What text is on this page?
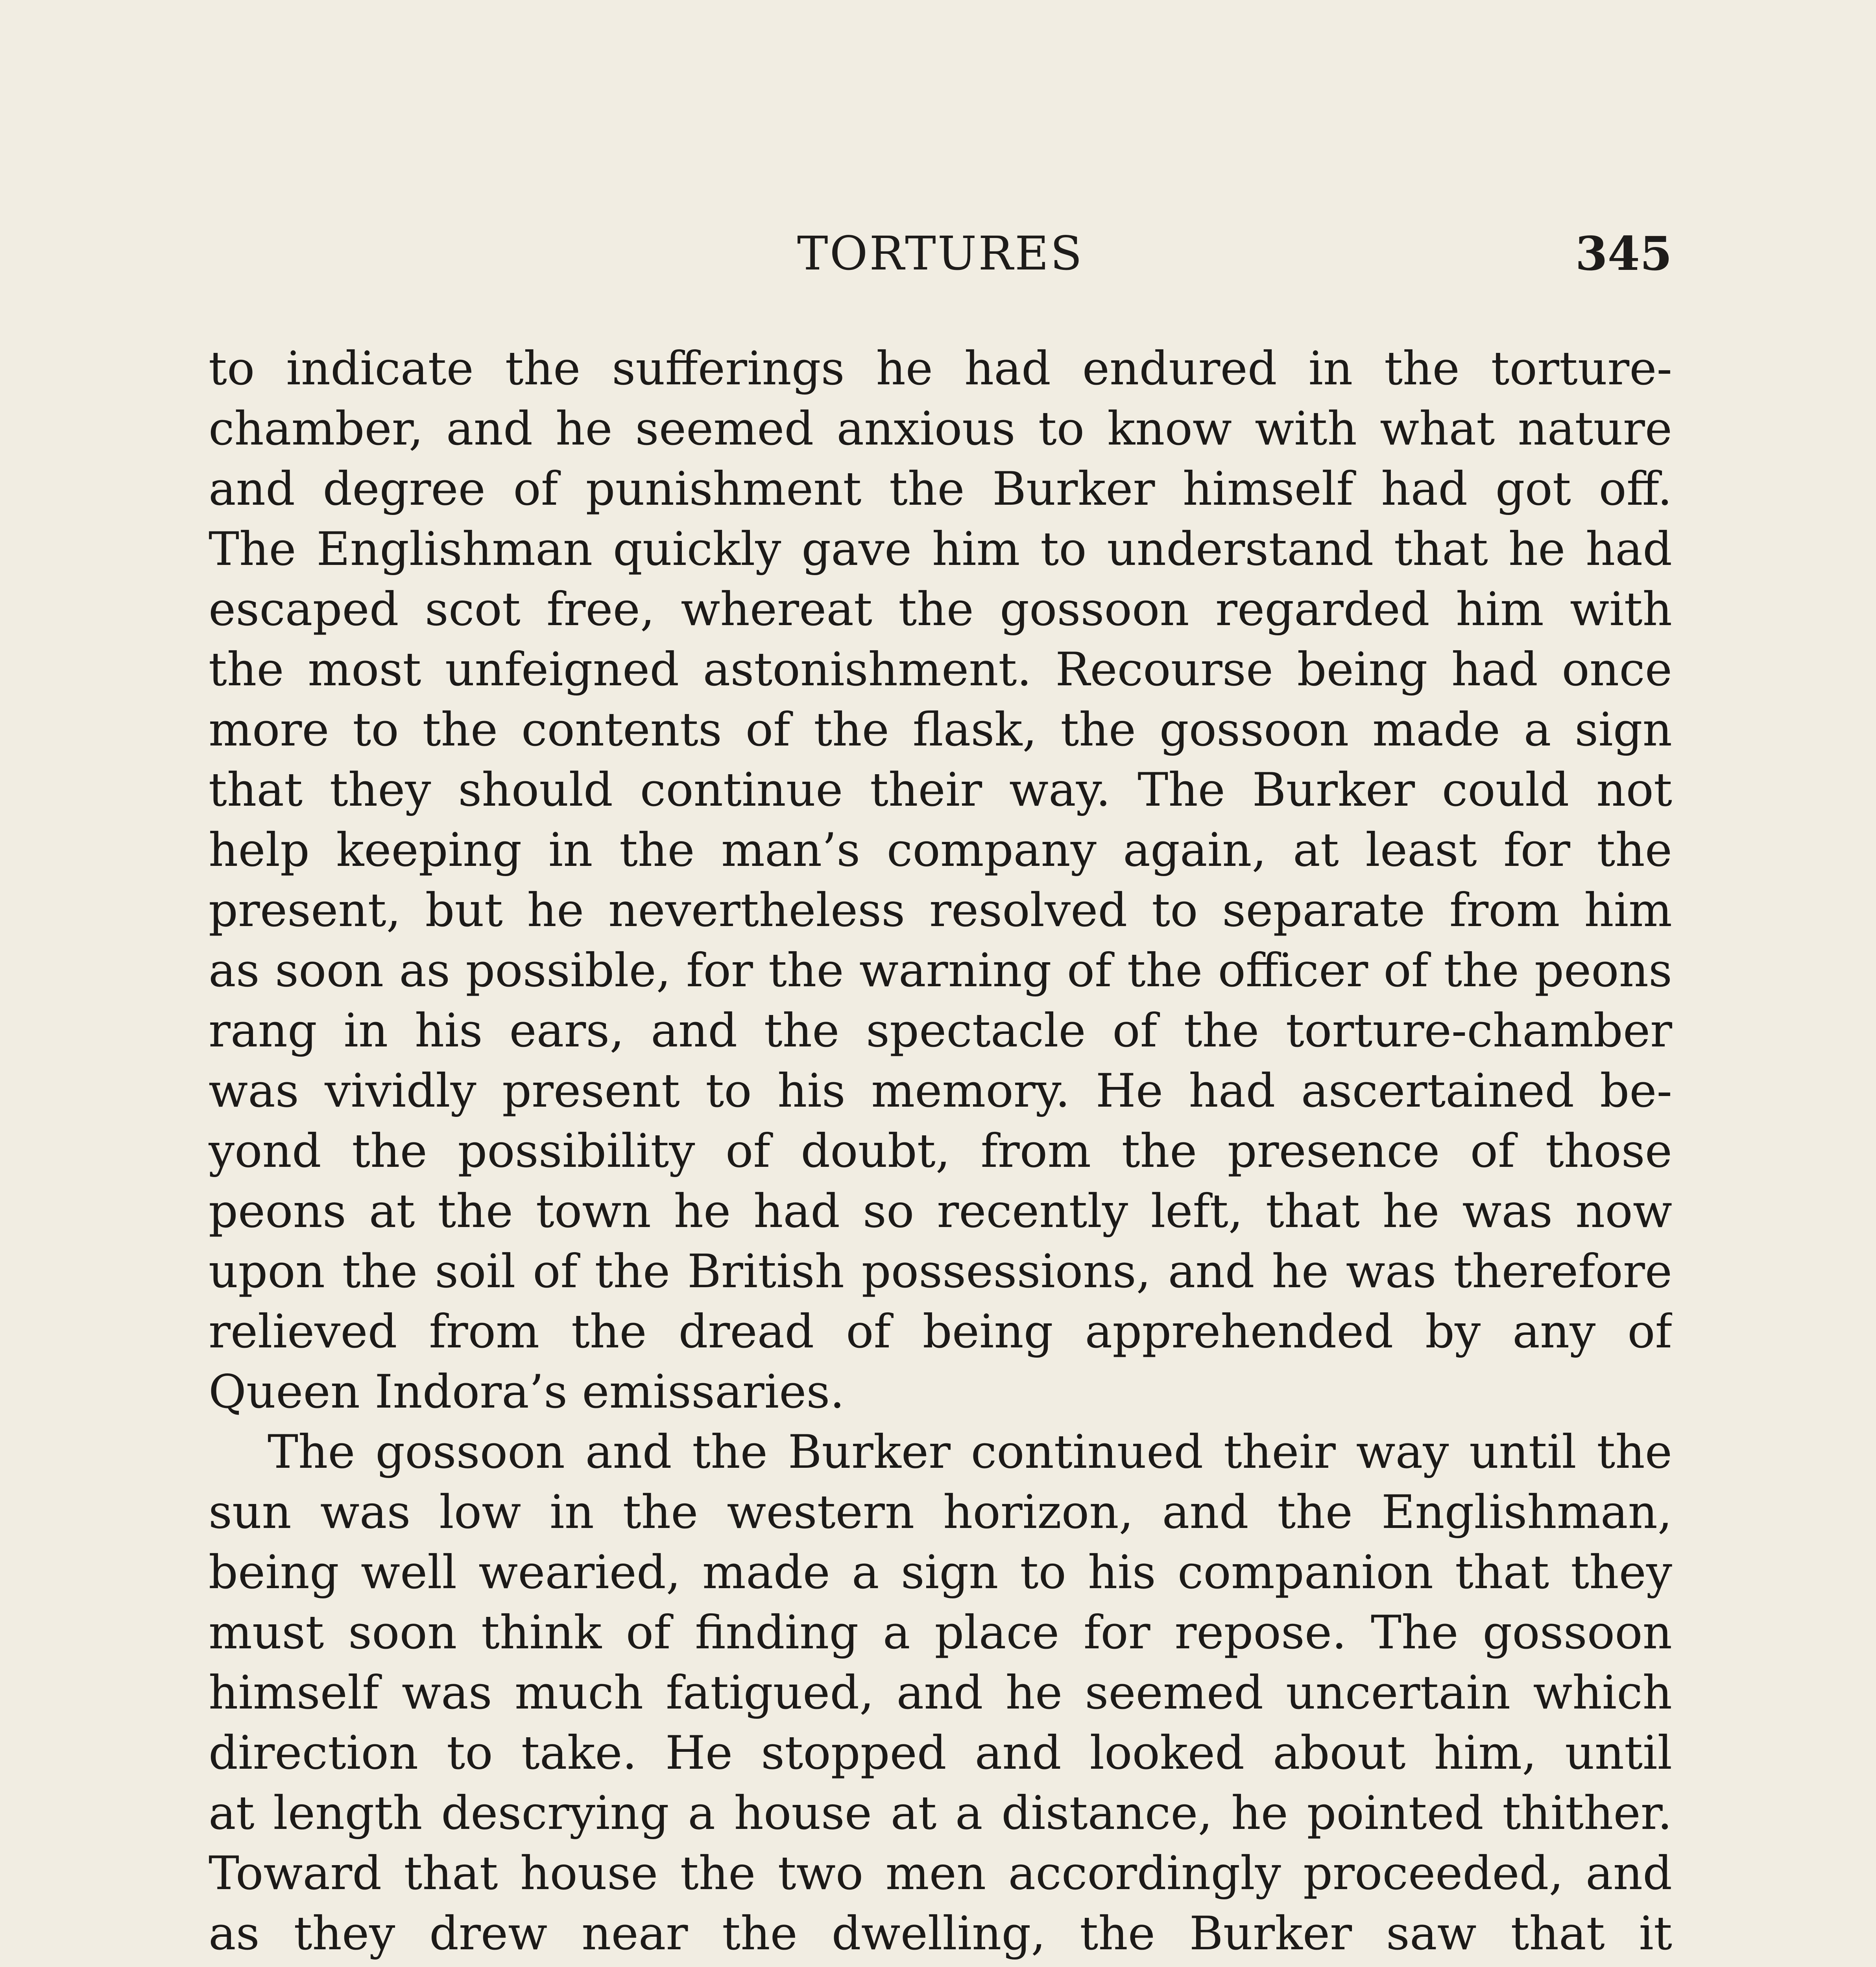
TORTURES	345
to indicate the sufferings he had endured in the torture-
chamber, and he seemed anxious to know with what nature
and degree of punishment the Burker himself had got off.
The Englishman quickly gave him to understand that he had
escaped scot free, whereat the gossoon regarded him with
the most unfeigned astonishment. Recourse being had once
more to the contents of the flask, the gossoon made a sign
that they should continue their way. The Burker could not
help keeping in the man’s company again, at least for the
present, but he nevertheless resolved to separate from him
as soon as possible, for the warning of the officer of the peons
rang in his ears, and the spectacle of the torture-chamber
was vividly present to his memory. He had ascertained be-
yond the possibility of doubt, from the presence of those
peons at the town he had so recently left, that he was now
upon the soil of the British possessions, and he was therefore
relieved from the dread of being apprehended by any of
Queen Indora’s emissaries.
The gossoon and the Burker continued their way until the
sun was low in the western horizon, and the Englishman,
being well wearied, made a sign to his companion that they
must soon think of finding a place for repose. The gossoon
himself was much fatigued, and he seemed uncertain which
direction to take. He stopped and looked about him, until
at length descrying a house at a distance, he pointed thither.
Toward that house the two men accordingly proceeded, and
as they drew near the dwelling, the Burker saw that it
